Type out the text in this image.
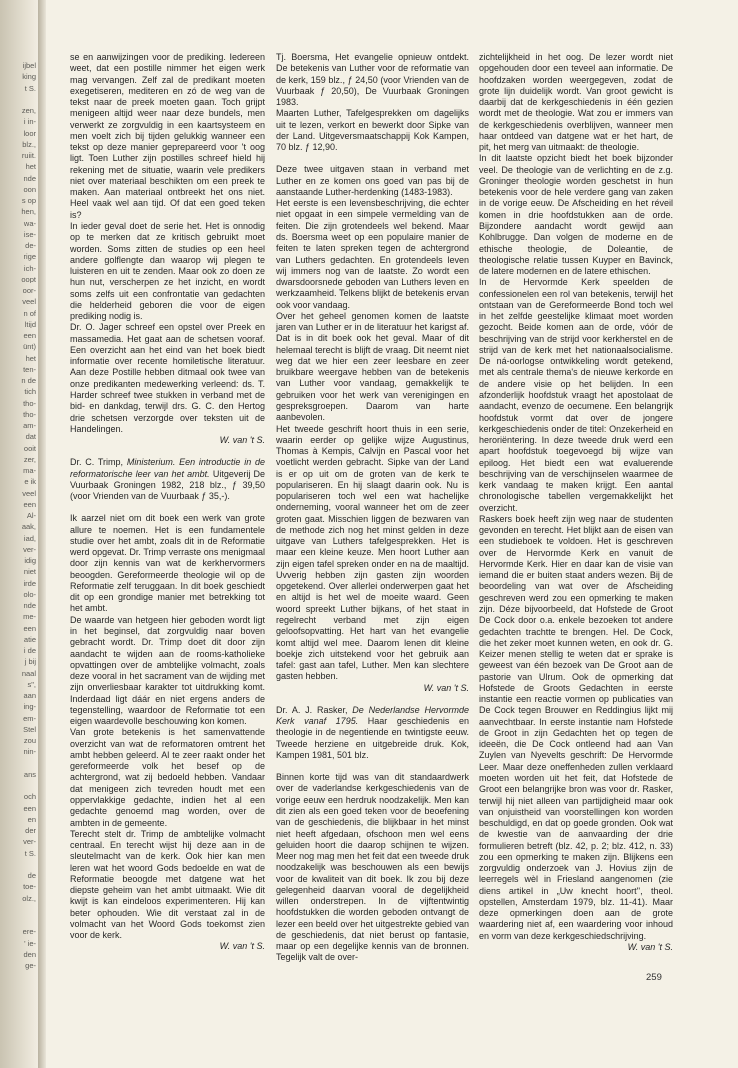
ijbel
king
t S.
zen,
i in-
loor
blz.,
ruiit.
het
nde
oon
s op
hen,
wa-
ise-
de-
rige
ich-
oopt
oor-
veel
n of
ltijd
een
ünt)
het
ten-
n de
tich
tho-
tho-
am-
dat
ooit
zer,
ma-
e ik
veel
een
Al-
aak,
iad,
ver-
idig
niet
irde
olo-
nde
me-
een
atie
i de
j bij
naal
s",
aan
ing-
em-
Stel
zou
nin-
ans
och
een
en
der
ver-
t S.
de
toe-
olz.,
ere-
' ie-
den
ge-

se en aanwijzingen voor de prediking. Iedereen weet, dat een postille nimmer het eigen werk mag vervangen. Zelf zal de predikant moeten exegetiseren, mediteren en zó de weg van de tekst naar de preek moeten gaan. Toch grijpt menigeen altijd weer naar deze bundels, men verwerkt ze zorgvuldig in een kaartsysteem en men voelt zich bij tijden gelukkig wanneer een tekst op deze manier geprepareerd voor 't oog ligt. Toen Luther zijn postilles schreef hield hij rekening met de situatie, waarin vele predikers niet over materiaal beschikten om een preek te maken. Aan materiaal ontbreekt het ons niet. Heel vaak wel aan tijd. Of dat een goed teken is?

In ieder geval doet de serie het. Het is onnodig op te merken dat ze kritisch gebruikt moet worden. Soms zitten de studies op een heel andere golflengte dan waarop wij plegen te luisteren en uit te zenden. Maar ook zo doen ze hun nut, verscherpen ze het inzicht, en wordt soms zelfs uit een confrontatie van gedachten die helderheid geboren die voor de eigen prediking nodig is.

Dr. O. Jager schreef een opstel over Preek en massamedia. Het gaat aan de schetsen vooraf. Een overzicht aan het eind van het boek biedt informatie over recente homiletische literatuur. Aan deze Postille hebben ditmaal ook twee van onze predikanten medewerking verleend: ds. T. Harder schreef twee stukken in verband met de bid- en dankdag, terwijl drs. G. C. den Hertog drie schetsen verzorgde over teksten uit de Handelingen.

W. van 't S.

Dr. C. Trimp, Ministerium. Een introductie in de reformatorische leer van het ambt. Uitgeverij De Vuurbaak Groningen 1982, 218 blz., ƒ 39,50 (voor Vrienden van de Vuurbaak ƒ 35,-).

Ik aarzel niet om dit boek een werk van grote allure te noemen. Het is een fundamentele studie over het ambt, zoals dit in de Reformatie werd opgevat. Dr. Trimp verraste ons menigmaal door zijn kennis van wat de kerkhervormers beoogden. Gereformeerde theologie wil op de Reformatie zelf teruggaan. In dit boek geschiedt dit op een grondige manier met betrekking tot het ambt.

De waarde van hetgeen hier geboden wordt ligt in het beginsel, dat zorgvuldig naar boven gebracht wordt. Dr. Trimp doet dit door zijn aandacht te wijden aan de rooms-katholieke opvattingen over de ambtelijke volmacht, zoals deze vooral in het sacrament van de wijding met zijn onverliesbaar karakter tot uitdrukking komt. Inderdaad ligt dáár en niet ergens anders de tegenstelling, waardoor de Reformatie tot een eigen waardevolle beschouwing kon komen.

Van grote betekenis is het samenvattende overzicht van wat de reformatoren omtrent het ambt hebben geleerd. Al te zeer raakt onder het gereformeerde volk het besef op de achtergrond, wat zij bedoeld hebben. Vandaar dat menigeen zich tevreden houdt met een oppervlakkige gedachte, indien het al een gedachte genoemd mag worden, over de ambten in de gemeente.

Terecht stelt dr. Trimp de ambtelijke volmacht centraal. En terecht wijst hij deze aan in de sleutelmacht van de kerk. Ook hier kan men leren wat het woord Gods bedoelde en wat de Reformatie beoogde met datgene wat het diepste geheim van het ambt uitmaakt. Wie dit kwijt is kan eindeloos experimenteren. Hij kan beter ophouden. Wie dit verstaat zal in de volmacht van het Woord Gods toekomst zien voor de kerk.

W. van 't S.

Tj. Boersma, Het evangelie opnieuw ontdekt. De betekenis van Luther voor de reformatie van de kerk, 159 blz., ƒ 24,50 (voor Vrienden van de Vuurbaak ƒ 20,50), De Vuurbaak Groningen 1983.

Maarten Luther, Tafelgesprekken om dagelijks uit te lezen, verkort en bewerkt door Sipke van der Land. Uitgeversmaatschappij Kok Kampen, 70 blz. ƒ 12,90.

Deze twee uitgaven staan in verband met Luther en ze komen ons goed van pas bij de aanstaande Luther-herdenking (1483-1983).

Het eerste is een levensbeschrijving, die echter niet opgaat in een simpele vermelding van de feiten. Die zijn grotendeels wel bekend. Maar ds. Boersma weet op een populaire manier de feiten te laten spreken tegen de achtergrond van Luthers gedachten. En grotendeels leven wij immers nog van de laatste. Zo wordt een dwarsdoorsnede geboden van Luthers leven en werkzaamheid. Telkens blijkt de betekenis ervan ook voor vandaag.

Over het geheel genomen komen de laatste jaren van Luther er in de literatuur het karigst af. Dat is in dit boek ook het geval. Maar of dit helemaal terecht is blijft de vraag. Dit neemt niet weg dat we hier een zeer leesbare en zeer bruikbare weergave hebben van de betekenis van Luther voor vandaag, gemakkelijk te gebruiken voor het werk van verenigingen en gespreksgroepen. Daarom van harte aanbevolen.

Het tweede geschrift hoort thuis in een serie, waarin eerder op gelijke wijze Augustinus, Thomas à Kempis, Calvijn en Pascal voor het voetlicht werden gebracht. Sipke van der Land is er op uit om de groten van de kerk te populariseren. En hij slaagt daarin ook. Nu is populariseren toch wel een wat hachelijke onderneming, vooral wanneer het om de zeer groten gaat. Misschien liggen de bezwaren van de methode zich nog het minst gelden in deze uitgave van Luthers tafelgesprekken. Het is maar een kleine keuze. Men hoort Luther aan zijn eigen tafel spreken onder en na de maaltijd. Uvverig hebben zijn gasten zijn woorden opgetekend. Over allerlei onderwerpen gaat het en altijd is het wel de moeite waard. Geen woord spreekt Luther bijkans, of het staat in regelrecht verband met zijn eigen geloofsopvatting. Het hart van het evangelie komt altijd wel mee. Daarom lenen dit kleine boekje zich uitstekend voor het gebruik aan tafel: gast aan tafel, Luther. Men kan slechtere gasten hebben.

W. van 't S.

Dr. A. J. Rasker, De Nederlandse Hervormde Kerk vanaf 1795. Haar geschiedenis en theologie in de negentiende en twintigste eeuw. Tweede herziene en uitgebreide druk. Kok, Kampen 1981, 501 blz.

Binnen korte tijd was van dit standaardwerk over de vaderlandse kerkgeschiedenis van de vorige eeuw een herdruk noodzakelijk. Men kan dit zien als een goed teken voor de beoefening van de geschiedenis, die blijkbaar in het minst niet heeft afgedaan, ofschoon men wel eens geluiden hoort die daarop schijnen te wijzen. Meer nog mag men het feit dat een tweede druk noodzakelijk was beschouwen als een bewijs voor de kwaliteit van dit boek. Ik zou bij deze gelegenheid daarvan vooral de degelijkheid willen onderstrepen. In de vijftentwintig hoofdstukken die worden geboden ontvangt de lezer een beeld over het uitgestrekte gebied van de geschiedenis, dat niet berust op fantasie, maar op een degelijke kennis van de bronnen. Tegelijk valt de over-

zichtelijkheid in het oog. De lezer wordt niet opgehouden door een teveel aan informatie. De hoofdzaken worden weergegeven, zodat de grote lijn duidelijk wordt. Van groot gewicht is daarbij dat de kerkgeschiedenis in één gezien wordt met de theologie. Wat zou er immers van de kerkgeschiedenis overblijven, wanneer men haar ontdeed van datgene wat er het hart, de pit, het merg van uitmaakt: de theologie.

In dit laatste opzicht biedt het boek bijzonder veel. De theologie van de verlichting en de z.g. Groninger theologie worden geschetst in hun betekenis voor de hele verdere gang van zaken in de vorige eeuw. De Afscheiding en het réveil komen in drie hoofdstukken aan de orde. Bijzondere aandacht wordt gewijd aan Kohlbrugge. Dan volgen de moderne en de ethische theologie, de Doleantie, de theologische relatie tussen Kuyper en Bavinck, de latere modernen en de latere ethischen.

In de Hervormde Kerk speelden de confessionelen een rol van betekenis, terwijl het ontstaan van de Gereformeerde Bond toch wel in het zelfde geestelijke klimaat moet worden gezocht. Beide komen aan de orde, vóór de beschrijving van de strijd voor kerkherstel en de strijd van de kerk met het nationaalsocialisme. De ná-oorlogse ontwikkeling wordt getekend, met als centrale thema's de nieuwe kerkorde en de andere visie op het belijden. In een afzonderlijk hoofdstuk vraagt het apostolaat de aandacht, evenzo de oecumene. Een belangrijk hoofdstuk vormt dat over de jongere kerkgeschiedenis onder de titel: Onzekerheid en heroriëntering. In deze tweede druk werd een apart hoofdstuk toegevoegd bij wijze van epiloog. Het biedt een wat evaluerende beschrijving van de verschijnselen waarmee de kerk vandaag te maken krijgt. Een aantal chronologische tabellen vergemakkelijkt het overzicht.

Raskers boek heeft zijn weg naar de studenten gevonden en terecht. Het blijkt aan de eisen van een studieboek te voldoen. Het is geschreven over de Hervormde Kerk en vanuit de Hervormde Kerk. Hier en daar kan de visie van iemand die er buiten staat anders wezen. Bij de beoordeling van wat over de Afscheiding geschreven werd zou een opmerking te maken zijn. Déze bijvoorbeeld, dat Hofstede de Groot De Cock door o.a. enkele bezoeken tot andere gedachten trachtte te brengen. Hel. De Cock, die het zeker moet kunnen weten, en ook dr. G. Keizer menen stellig te weten dat er sprake is geweest van één bezoek van De Groot aan de pastorie van Ulrum. Ook de opmerking dat Hofstede de Groots Gedachten in eerste instantie een reactie vormen op publicaties van De Cock tegen Brouwer en Reddingius lijkt mij aanvechtbaar. In eerste instantie nam Hofstede de Groot in zijn Gedachten het op tegen de ideeën, die De Cock ontleend had aan Van Zuylen van Nyevelts geschrift: De Hervormde Leer. Maar deze oneffenheden zullen verklaard moeten worden uit het feit, dat Hofstede de Groot een belangrijke bron was voor dr. Rasker, terwijl hij niet alleen van partijdigheid maar ook van onjuistheid van voorstellingen kon worden beschuldigd, en dat op goede gronden. Ook wat de kwestie van de aanvaarding der drie formulieren betreft (blz. 42, p. 2; blz. 412, n. 33) zou een opmerking te maken zijn. Blijkens een zorgvuldig onderzoek van J. Hovius zijn de leerregels wèl in Friesland aangenomen (zie diens artikel in „Uw knecht hoort'', theol. opstellen, Amsterdam 1979, blz. 11-41). Maar deze opmerkingen doen aan de grote waardering niet af, een waardering voor inhoud en vorm van deze kerkgeschiedschrijving.

W. van 't S.

259
